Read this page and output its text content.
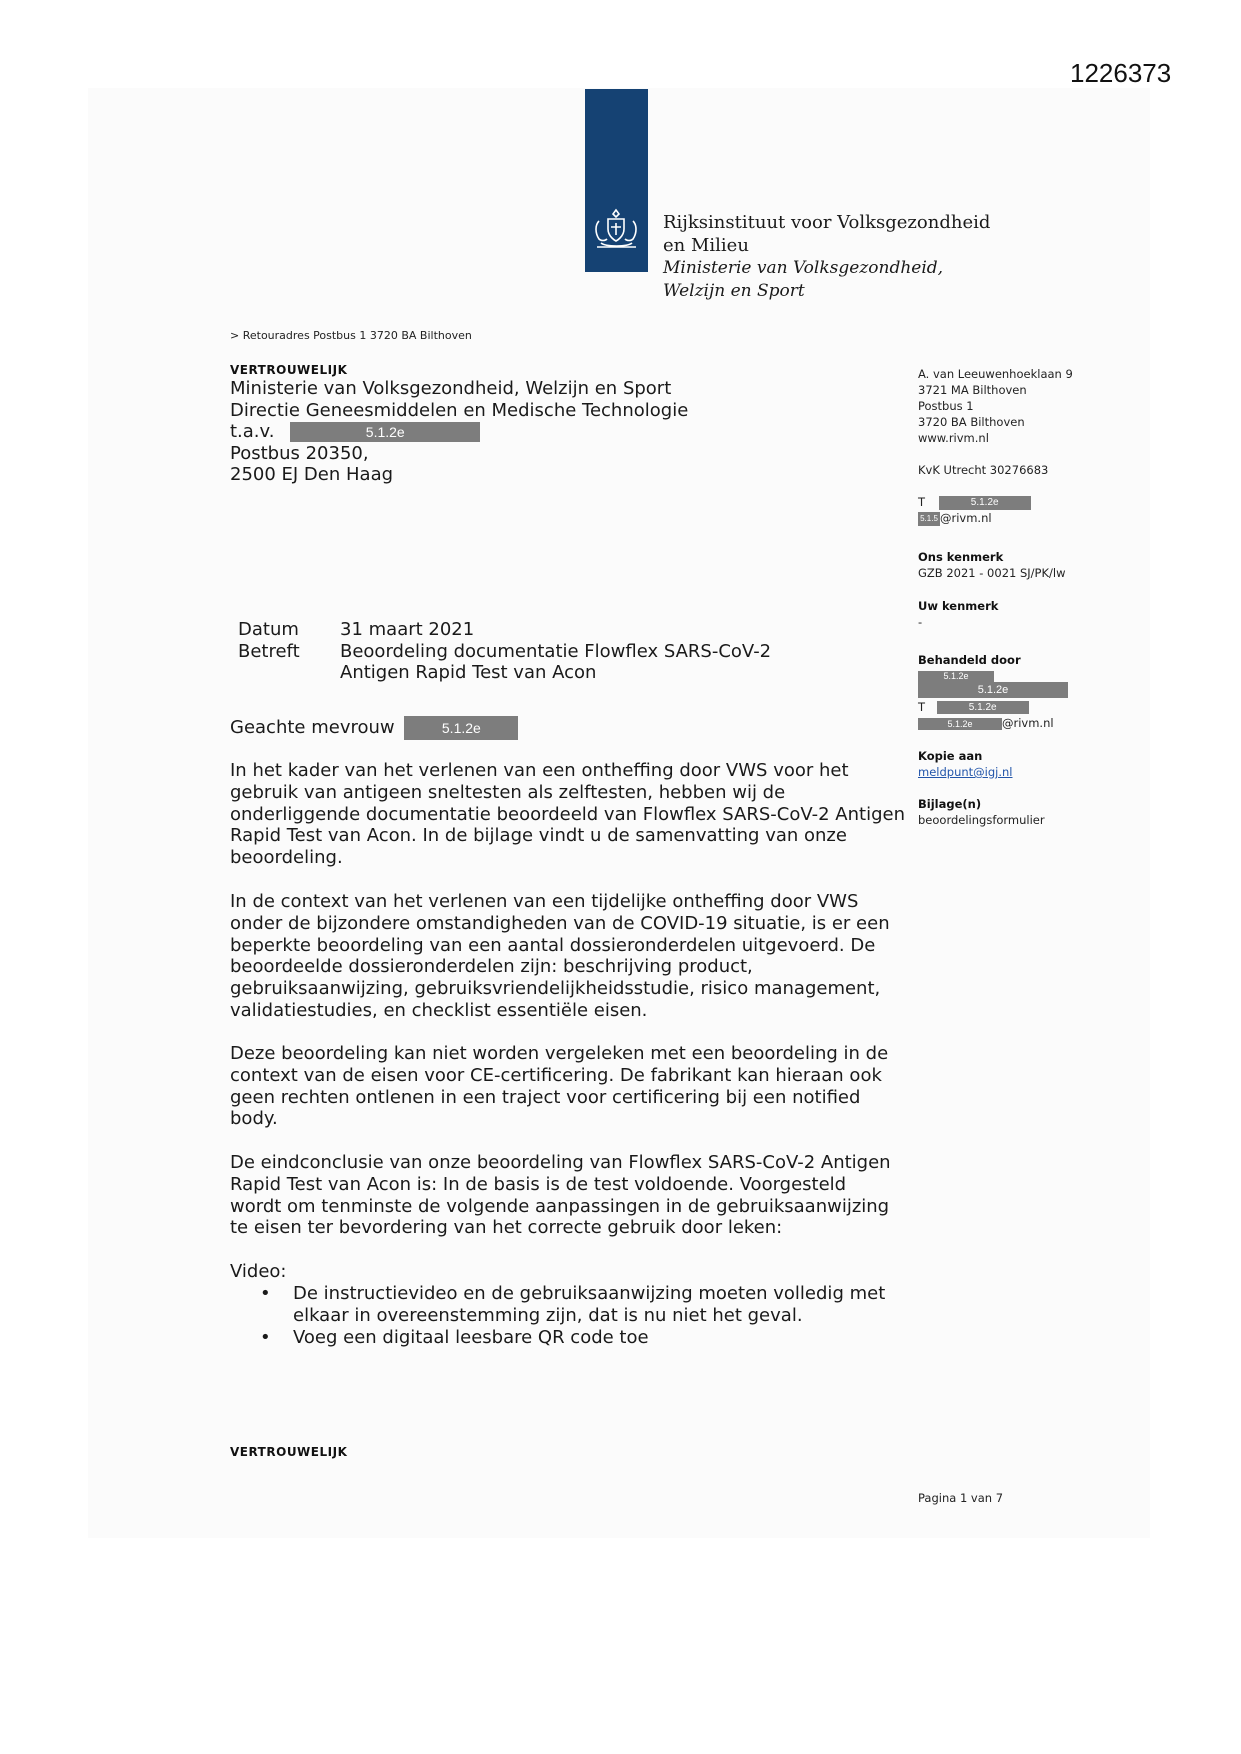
1226373
Rijksinstituut voor Volksgezondheid
en Milieu
Ministerie van Volksgezondheid,
Welzijn en Sport
> Retouradres Postbus 1 3720 BA Bilthoven
VERTROUWELIJK
Ministerie van Volksgezondheid, Welzijn en Sport
Directie Geneesmiddelen en Medische Technologie
t.a.v.	5.1.2e
Postbus 20350,
2500 EJ Den Haag
A. van Leeuwenhoeklaan 9
3721 MA Bilthoven
Postbus 1
3720 BA Bilthoven
www.rivm.nl
KvK Utrecht 30276683
T	5.1.2e
5.1.5 @rivm.nl
Ons kenmerk
GZB 2021 - 0021 SJ/PK/lw
Uw kenmerk
-
Behandeld door
5.1.2e
5.1.2e
T	5.1.2e
5.1.2e	@rivm.nl
Kopie aan
meldpunt@igj.nl
Bijlage(n)
beoordelingsformulier
Datum	31 maart 2021
Betreft	Beoordeling documentatie Flowflex SARS-CoV-2
Antigen Rapid Test van Acon
Geachte mevrouw	5.1.2e

In het kader van het verlenen van een ontheffing door VWS voor het

gebruik van antigeen sneltesten als zelftesten, hebben wij de

onderliggende documentatie beoordeeld van Flowflex SARS-CoV-2 Antigen

Rapid Test van Acon. In de bijlage vindt u de samenvatting van onze

beoordeling.

In de context van het verlenen van een tijdelijke ontheffing door VWS

onder de bijzondere omstandigheden van de COVID-19 situatie, is er een

beperkte beoordeling van een aantal dossieronderdelen uitgevoerd. De

beoordeelde dossieronderdelen zijn: beschrijving product,

gebruiksaanwijzing, gebruiksvriendelijkheidsstudie, risico management,

validatiestudies, en checklist essentiële eisen.

Deze beoordeling kan niet worden vergeleken met een beoordeling in de

context van de eisen voor CE-certificering. De fabrikant kan hieraan ook

geen rechten ontlenen in een traject voor certificering bij een notified

body.

De eindconclusie van onze beoordeling van Flowflex SARS-CoV-2 Antigen

Rapid Test van Acon is: In de basis is de test voldoende. Voorgesteld

wordt om tenminste de volgende aanpassingen in de gebruiksaanwijzing

te eisen ter bevordering van het correcte gebruik door leken:

Video:
• De instructievideo en de gebruiksaanwijzing moeten volledig met
elkaar in overeenstemming zijn, dat is nu niet het geval.
• Voeg een digitaal leesbare QR code toe
VERTROUWELIJK
Pagina 1 van 7
